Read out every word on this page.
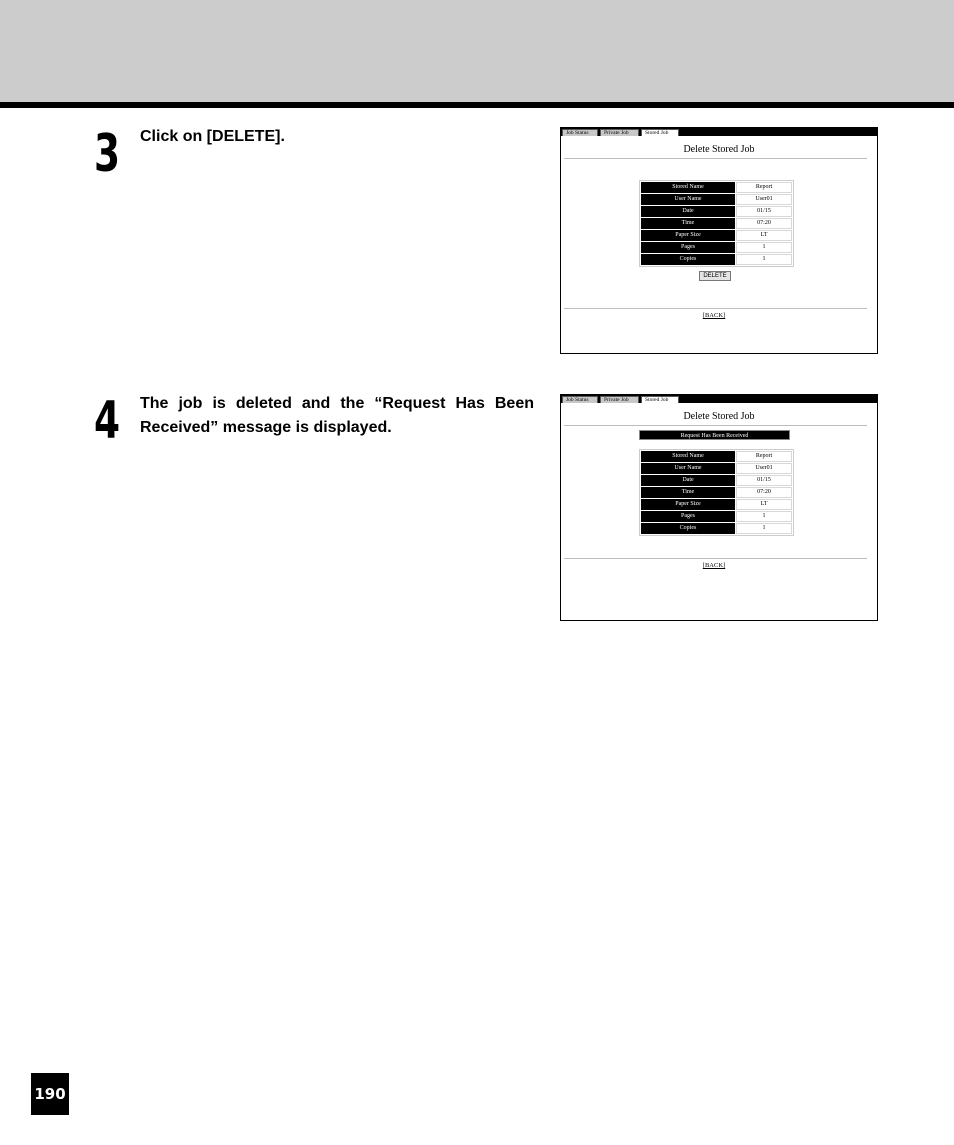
3 Click on [DELETE].	Job Status	Private Job	Stored Job
Delete Stored Job
Stored Name	Report
User Name	User01
Date	01/15
Time	07:20
Paper Size	LT
Pages	1
Copies	1
DELETE
[BACK]
4 The job is deleted and the “Request Has Been Received” message is displayed.
Job Status	Private Job	Stored Job
Delete Stored Job
Request Has Been Received
Stored Name	Report
User Name	User01
Date	01/15
Time	07:20
Paper Size	LT
Pages	1
Copies	1
[BACK]
190
